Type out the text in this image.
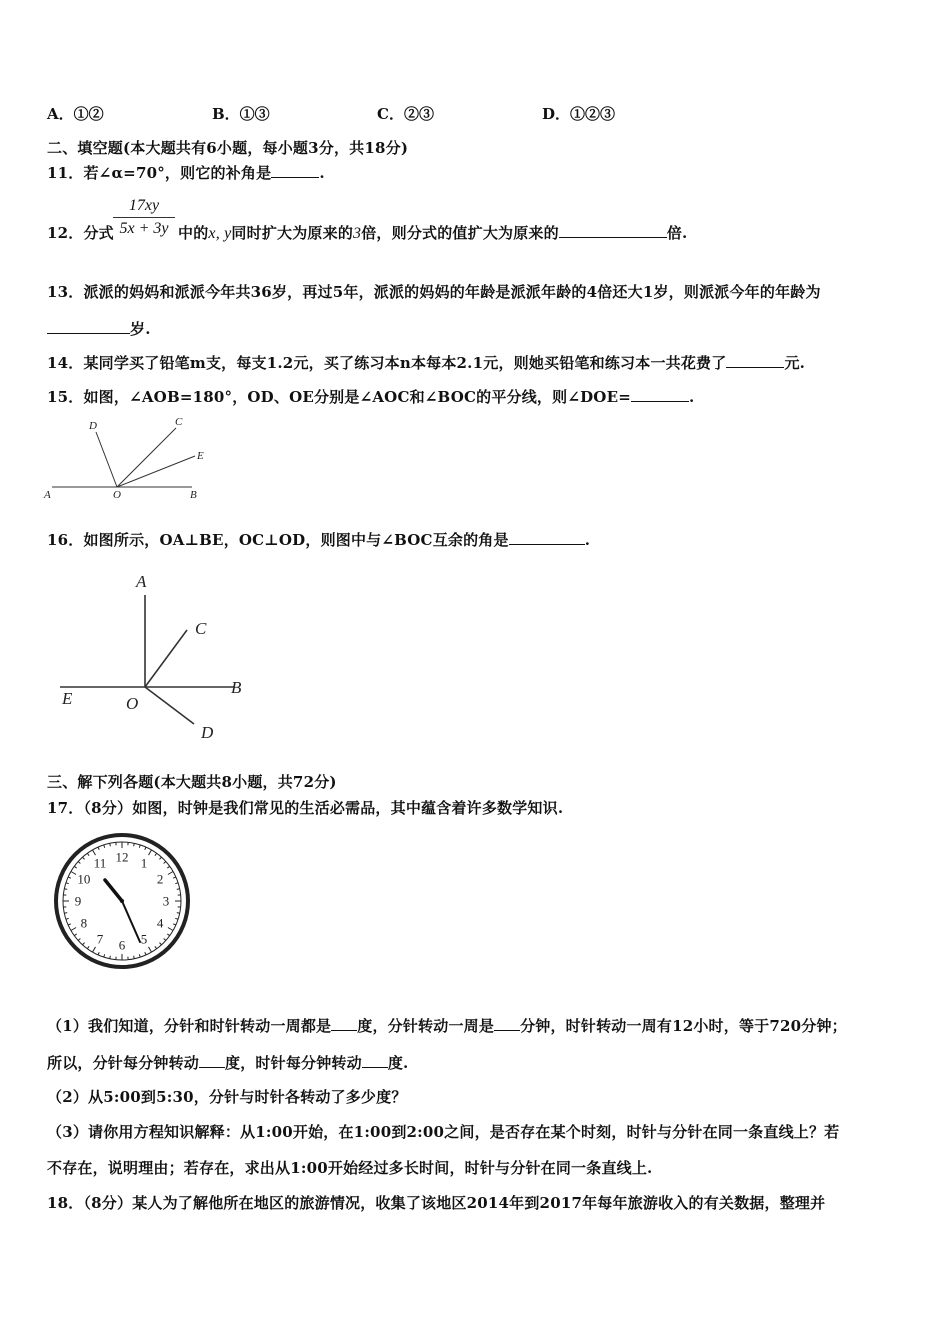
A．①②	B．①③	C．②③	D．①②③
二、填空题(本大题共有6小题，每小题3分，共18分)
11．若∠α=70°，则它的补角是	.
12．分式
17xy
5x + 3y 中的x, y同时扩大为原来的3倍，则分式的值扩大为原来的	倍.
13．派派的妈妈和派派今年共36岁，再过5年，派派的妈妈的年龄是派派年龄的4倍还大1岁，则派派今年的年龄为
岁.
14．某同学买了铅笔m支，每支1.2元，买了练习本n本每本2.1元，则她买铅笔和练习本一共花费了	元.
15．如图，∠AOB=180°，OD、OE分别是∠AOC和∠BOC的平分线，则∠DOE=	.
A	O	B
D	C
E
16．如图所示，OA⊥BE，OC⊥OD，则图中与∠BOC互余的角是	.
A
C
E	O
B
D
三、解下列各题(本大题共8小题，共72分)
17．（8分）如图，时钟是我们常见的生活必需品，其中蕴含着许多数学知识.
12 1
2
3
4
5
6
7
8
9
10
11
（1）我们知道，分针和时针转动一周都是 度，分针转动一周是 分钟，时针转动一周有12小时，等于720分钟；
所以，分针每分钟转动 度，时针每分钟转动 度.
（2）从5:00到5:30，分针与时针各转动了多少度？
（3）请你用方程知识解释：从1:00开始，在1:00到2:00之间，是否存在某个时刻，时针与分针在同一条直线上？若
不存在，说明理由；若存在，求出从1:00开始经过多长时间，时针与分针在同一条直线上.
18．（8分）某人为了解他所在地区的旅游情况，收集了该地区2014年到2017年每年旅游收入的有关数据，整理并
